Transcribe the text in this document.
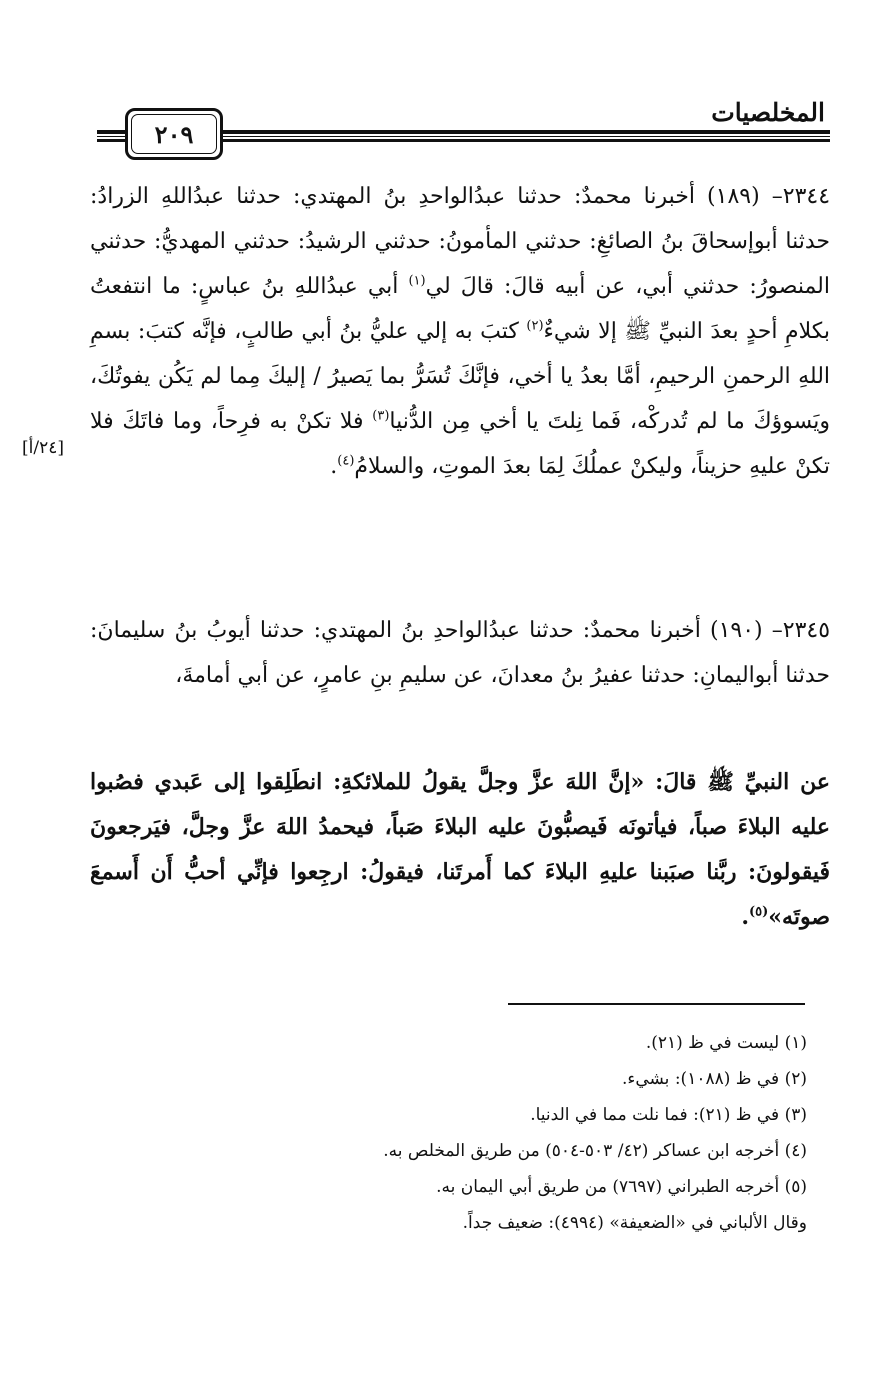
المخلصيات
٢٠٩
[٢٤/أ]
٢٣٤٤– (١٨٩) أخبرنا محمدٌ: حدثنا عبدُالواحدِ بنُ المهتدي: حدثنا عبدُاللهِ الزرادُ: حدثنا أبوإسحاقَ بنُ الصائغِ: حدثني المأمونُ: حدثني الرشيدُ: حدثني المهديُّ: حدثني المنصورُ: حدثني أبي، عن أبيه قالَ: قالَ لي$^{(١)}$ أبي عبدُاللهِ بنُ عباسٍ: ما انتفعتُ بكلامِ أحدٍ بعدَ النبيِّ ﷺ إلا شيءٌ$^{(٢)}$ كتبَ به إلي عليُّ بنُ أبي طالبٍ، فإنَّه كتبَ: بسمِ اللهِ الرحمنِ الرحيمِ، أمَّا بعدُ يا أخي، فإنَّكَ تُسَرُّ بما يَصيرُ / إليكَ مِما لم يَكُن يفوتُكَ، ويَسوؤكَ ما لم تُدركْه، فَما نِلتَ يا أخي مِن الدُّنيا$^{(٣)}$ فلا تكنْ به فرِحاً، وما فاتَكَ فلا تكنْ عليهِ حزيناً، وليكنْ عملُكَ لِمَا بعدَ الموتِ، والسلامُ$^{(٤)}$.
٢٣٤٥– (١٩٠) أخبرنا محمدٌ: حدثنا عبدُالواحدِ بنُ المهتدي: حدثنا أيوبُ بنُ سليمانَ: حدثنا أبواليمانِ: حدثنا عفيرُ بنُ معدانَ، عن سليمِ بنِ عامرٍ، عن أبي أمامةَ،
عن النبيِّ ﷺ قالَ: «إنَّ اللهَ عزَّ وجلَّ يقولُ للملائكةِ: انطَلِقوا إلى عَبدي فصُبوا عليه البلاءَ صباً، فيأتونَه فَيصبُّونَ عليه البلاءَ صَباً، فيحمدُ اللهَ عزَّ وجلَّ، فيَرجعونَ فَيقولونَ: ربَّنا صبَبنا عليهِ البلاءَ كما أَمرتَنا، فيقولُ: ارجِعوا فإنِّي أحبُّ أَن أَسمعَ صوتَه»$^{(٥)}$.
(١) ليست في ظ (٢١).
(٢) في ظ (١٠٨٨): بشيء.
(٣) في ظ (٢١): فما نلت مما في الدنيا.
(٤) أخرجه ابن عساكر (٤٢/ ٥٠٣-٥٠٤) من طريق المخلص به.
(٥) أخرجه الطبراني (٧٦٩٧) من طريق أبي اليمان به.
وقال الألباني في «الضعيفة» (٤٩٩٤): ضعيف جداً.
